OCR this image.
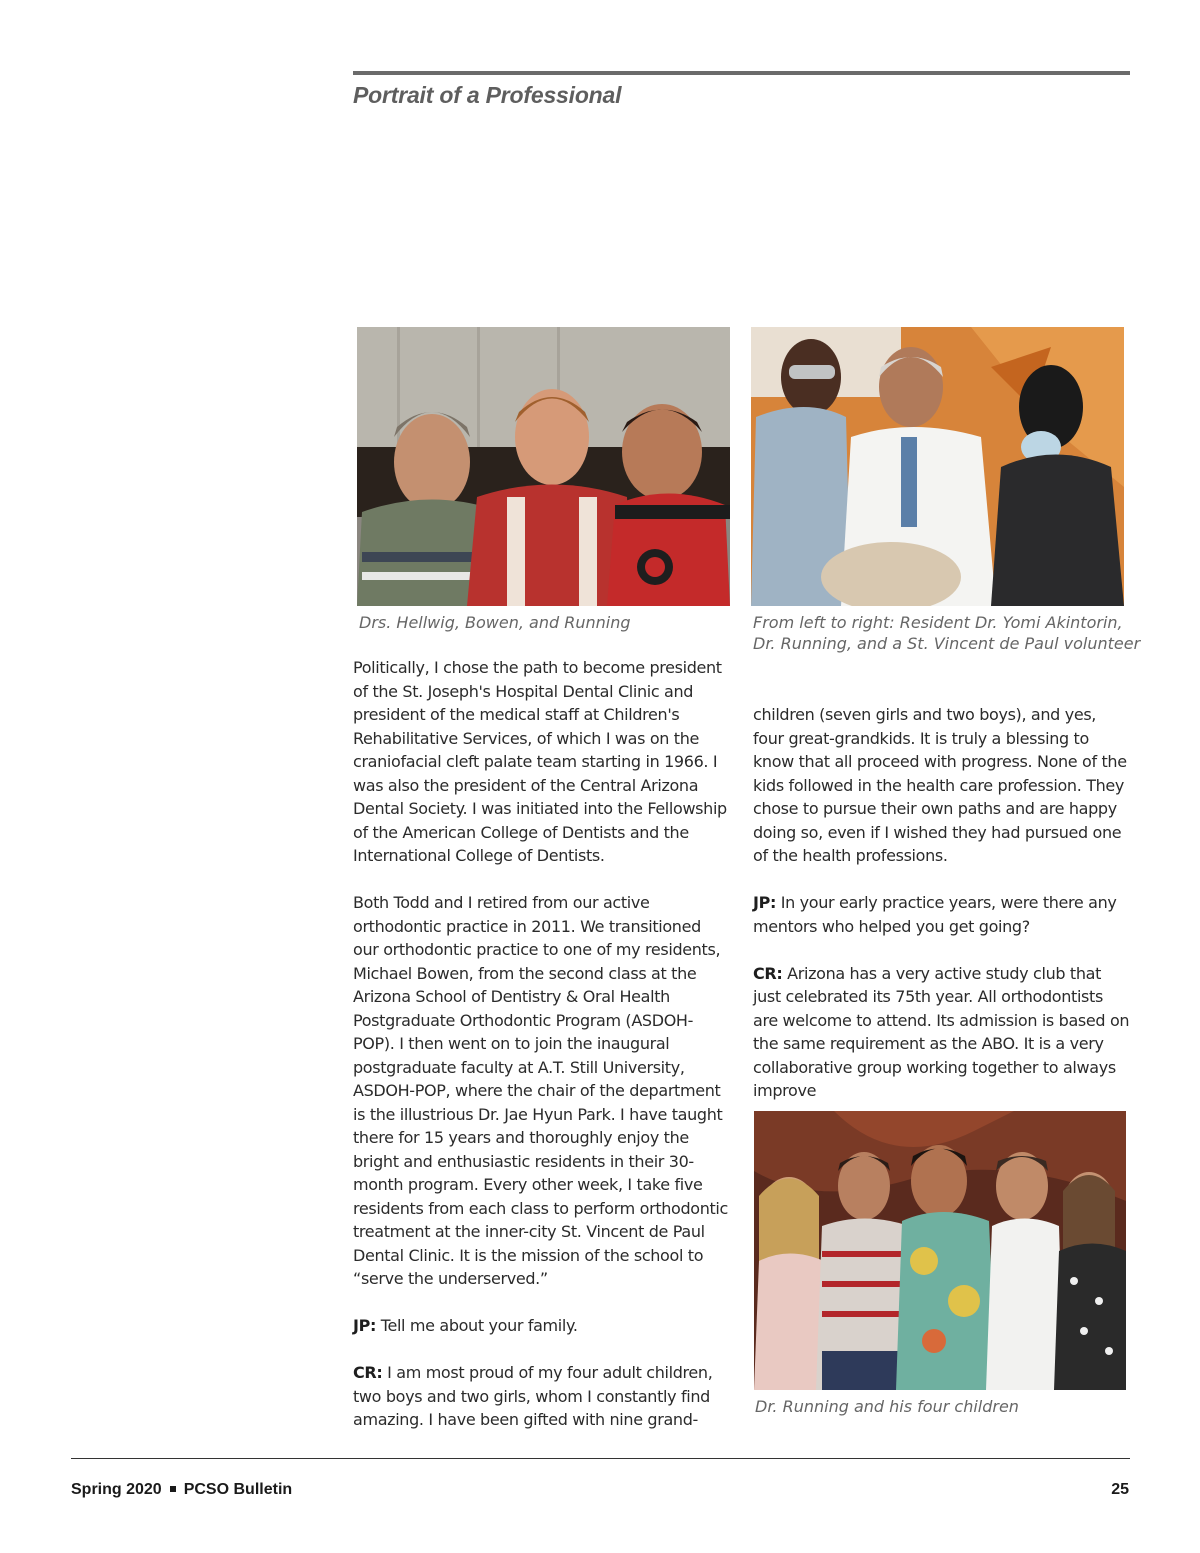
Portrait of a Professional
Drs. Hellwig, Bowen, and Running	From left to right: Resident Dr. Yomi Akintorin,
Dr. Running, and a St. Vincent de Paul volunteer
Dr. Running and his four children

Politically, I chose the path to become president of the St. Joseph's Hospital Dental Clinic and president of the medical staff at Children's Rehabilitative Services, of which I was on the craniofacial cleft palate team starting in 1966. I was also the president of the Central Arizona Dental Society. I was initiated into the Fellowship of the American College of Dentists and the International College of Dentists.

Both Todd and I retired from our active orthodontic practice in 2011. We transitioned our orthodontic practice to one of my residents, Michael Bowen, from the second class at the Arizona School of Dentistry & Oral Health Postgraduate Orthodontic Program (ASDOH-POP). I then went on to join the inaugural postgraduate faculty at A.T. Still University, ASDOH-POP, where the chair of the department is the illustrious Dr. Jae Hyun Park. I have taught there for 15 years and thoroughly enjoy the bright and enthusiastic residents in their 30-month program. Every other week, I take five residents from each class to perform orthodontic treatment at the inner-city St. Vincent de Paul Dental Clinic. It is the mission of the school to “serve the underserved.”

JP: Tell me about your family.

CR: I am most proud of my four adult children, two boys and two girls, whom I constantly find amazing. I have been gifted with nine grand-

children (seven girls and two boys), and yes, four great-grandkids. It is truly a blessing to know that all proceed with progress. None of the kids followed in the health care profession. They chose to pursue their own paths and are happy doing so, even if I wished they had pursued one of the health professions.

JP: In your early practice years, were there any mentors who helped you get going?

CR: Arizona has a very active study club that just celebrated its 75th year. All orthodontists are welcome to attend. Its admission is based on the same requirement as the ABO. It is a very collaborative group working together to always improve

Spring 2020 PCSO Bulletin	25
